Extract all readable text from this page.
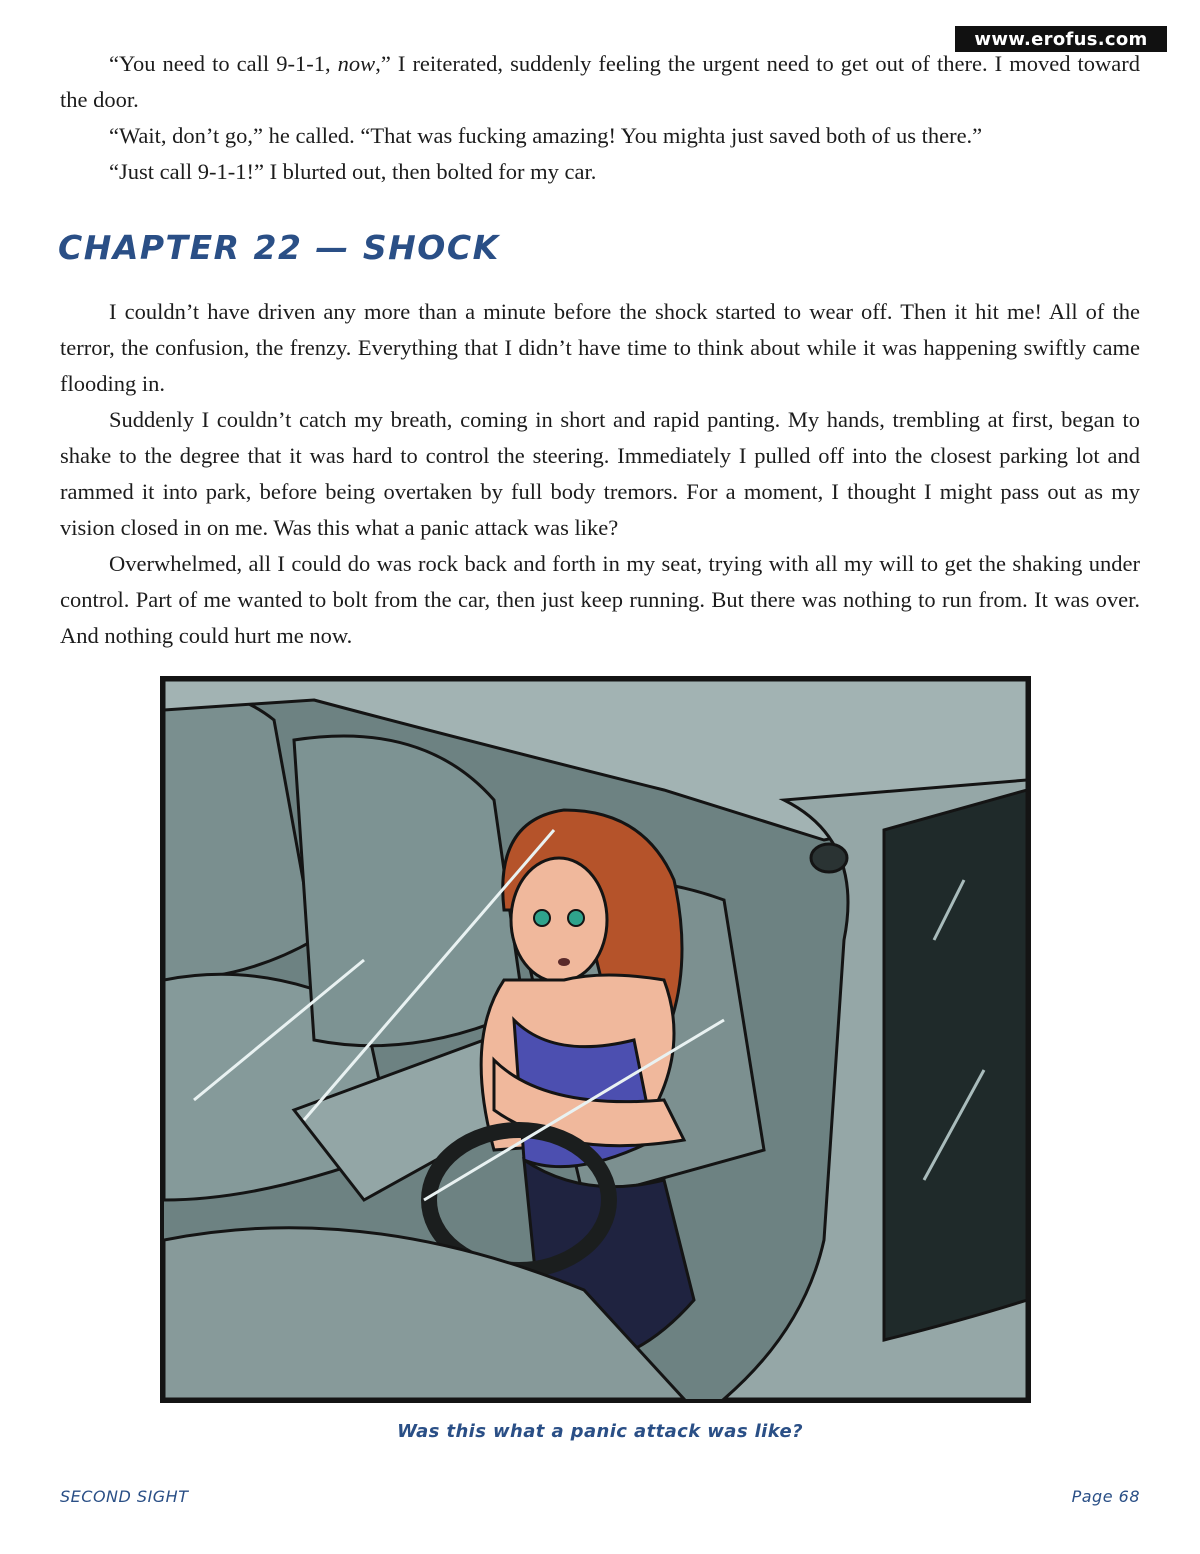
www.erofus.com

“You need to call 9-1-1, now,” I reiterated, suddenly feeling the urgent need to get out of there. I moved toward the door.

“Wait, don’t go,” he called. “That was fucking amazing! You mighta just saved both of us there.”

“Just call 9-1-1!” I blurted out, then bolted for my car.

CHAPTER 22 — SHOCK

I couldn’t have driven any more than a minute before the shock started to wear off. Then it hit me! All of the terror, the confusion, the frenzy. Everything that I didn’t have time to think about while it was happening swiftly came flooding in.

Suddenly I couldn’t catch my breath, coming in short and rapid panting. My hands, trembling at first, began to shake to the degree that it was hard to control the steering. Immediately I pulled off into the closest parking lot and rammed it into park, before being overtaken by full body tremors. For a moment, I thought I might pass out as my vision closed in on me. Was this what a panic attack was like?

Overwhelmed, all I could do was rock back and forth in my seat, trying with all my will to get the shaking under control. Part of me wanted to bolt from the car, then just keep running. But there was nothing to run from. It was over. And nothing could hurt me now.

Was this what a panic attack was like?
SECOND SIGHT	Page 68
